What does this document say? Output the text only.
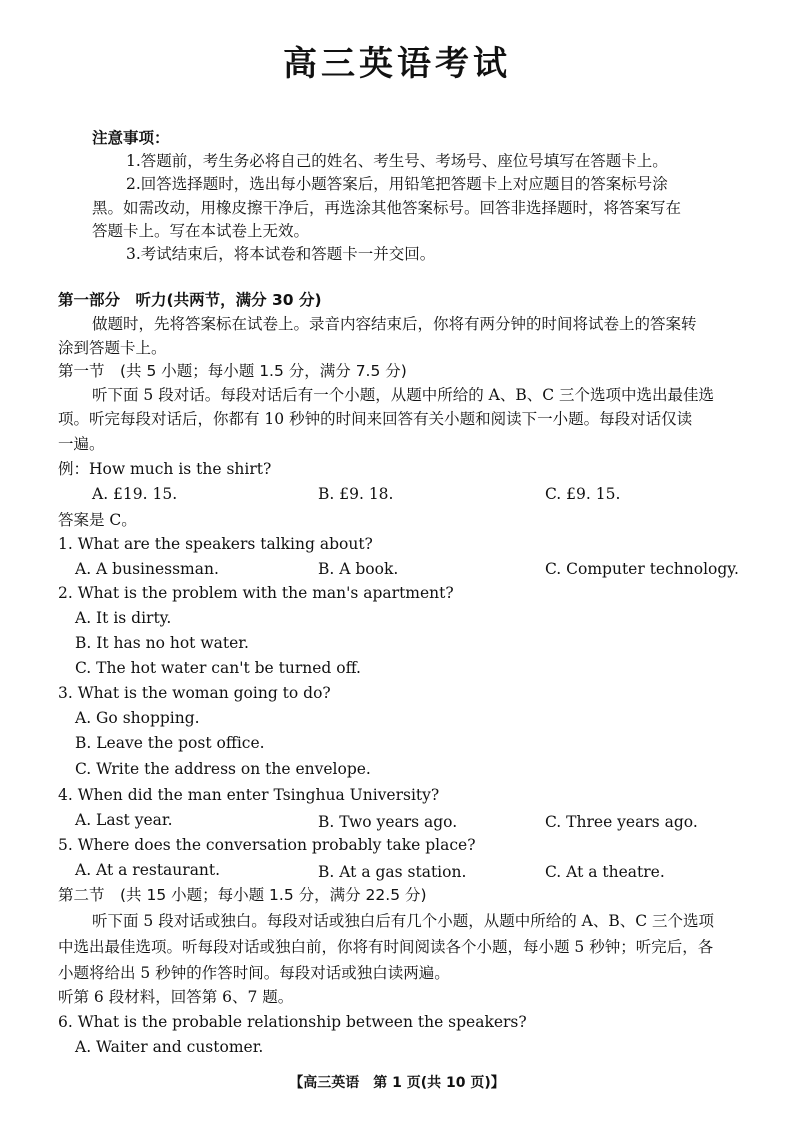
高三英语考试
注意事项：
1.答题前，考生务必将自己的姓名、考生号、考场号、座位号填写在答题卡上。
2.回答选择题时，选出每小题答案后，用铅笔把答题卡上对应题目的答案标号涂
黑。如需改动，用橡皮擦干净后，再选涂其他答案标号。回答非选择题时，将答案写在
答题卡上。写在本试卷上无效。
3.考试结束后，将本试卷和答题卡一并交回。
第一部分　听力(共两节，满分 30 分)
做题时，先将答案标在试卷上。录音内容结束后，你将有两分钟的时间将试卷上的答案转
涂到答题卡上。
第一节　(共 5 小题；每小题 1.5 分，满分 7.5 分)
听下面 5 段对话。每段对话后有一个小题，从题中所给的 A、B、C 三个选项中选出最佳选
项。听完每段对话后，你都有 10 秒钟的时间来回答有关小题和阅读下一小题。每段对话仅读
一遍。
例：How much is the shirt?
A. £19. 15.	B. £9. 18.	C. £9. 15.
答案是 C。
1. What are the speakers talking about?
A. A businessman.	B. A book.	C. Computer technology.
2. What is the problem with the man's apartment?
A. It is dirty.
B. It has no hot water.
C. The hot water can't be turned off.
3. What is the woman going to do?
A. Go shopping.
B. Leave the post office.
C. Write the address on the envelope.
4. When did the man enter Tsinghua University?
A. Last year.	B. Two years ago.	C. Three years ago.
5. Where does the conversation probably take place?
A. At a restaurant.	B. At a gas station.	C. At a theatre.
第二节　(共 15 小题；每小题 1.5 分，满分 22.5 分)
听下面 5 段对话或独白。每段对话或独白后有几个小题，从题中所给的 A、B、C 三个选项
中选出最佳选项。听每段对话或独白前，你将有时间阅读各个小题，每小题 5 秒钟；听完后，各
小题将给出 5 秒钟的作答时间。每段对话或独白读两遍。
听第 6 段材料，回答第 6、7 题。
6. What is the probable relationship between the speakers?
A. Waiter and customer.
【高三英语　第 1 页(共 10 页)】
